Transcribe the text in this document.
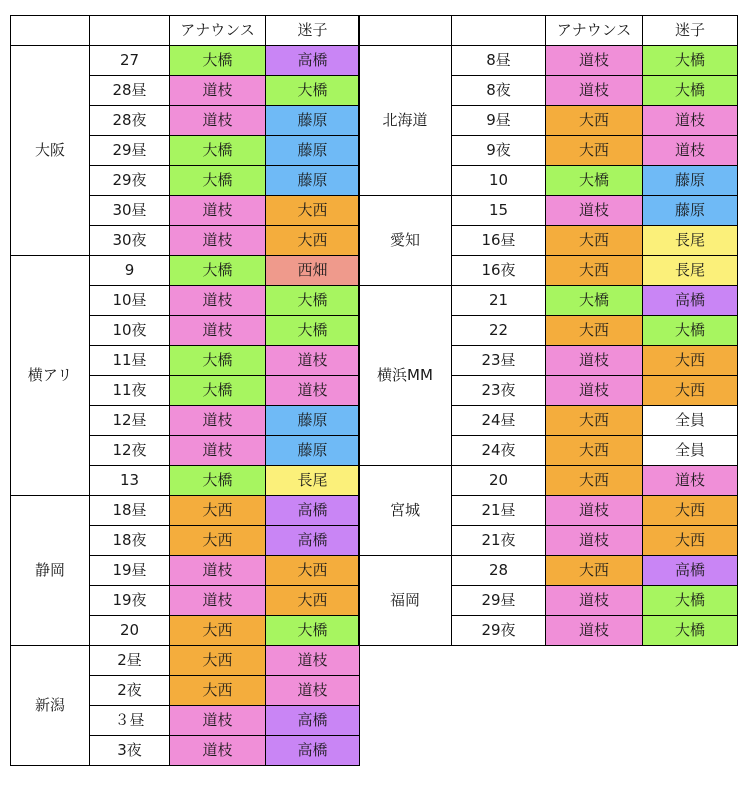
		アナウンス	迷子
大阪	27	大橋	高橋
	28昼	道枝	大橋
	28夜	道枝	藤原
	29昼	大橋	藤原
	29夜	大橋	藤原
	30昼	道枝	大西
	30夜	道枝	大西
横アリ	9	大橋	西畑
	10昼	道枝	大橋
	10夜	道枝	大橋
	11昼	大橋	道枝
	11夜	大橋	道枝
	12昼	道枝	藤原
	12夜	道枝	藤原
	13	大橋	長尾
静岡	18昼	大西	高橋
	18夜	大西	高橋
	19昼	道枝	大西
	19夜	道枝	大西
	20	大西	大橋
新潟	2昼	大西	道枝
	2夜	大西	道枝
	３昼	道枝	高橋
	3夜	道枝	高橋
		アナウンス	迷子
北海道	8昼	道枝	大橋
	8夜	道枝	大橋
	9昼	大西	道枝
	9夜	大西	道枝
	10	大橋	藤原
愛知	15	道枝	藤原
	16昼	大西	長尾
	16夜	大西	長尾
横浜MM	21	大橋	高橋
	22	大西	大橋
	23昼	道枝	大西
	23夜	道枝	大西
	24昼	大西	全員
	24夜	大西	全員
宮城	20	大西	道枝
	21昼	道枝	大西
	21夜	道枝	大西
福岡	28	大西	高橋
	29昼	道枝	大橋
	29夜	道枝	大橋
